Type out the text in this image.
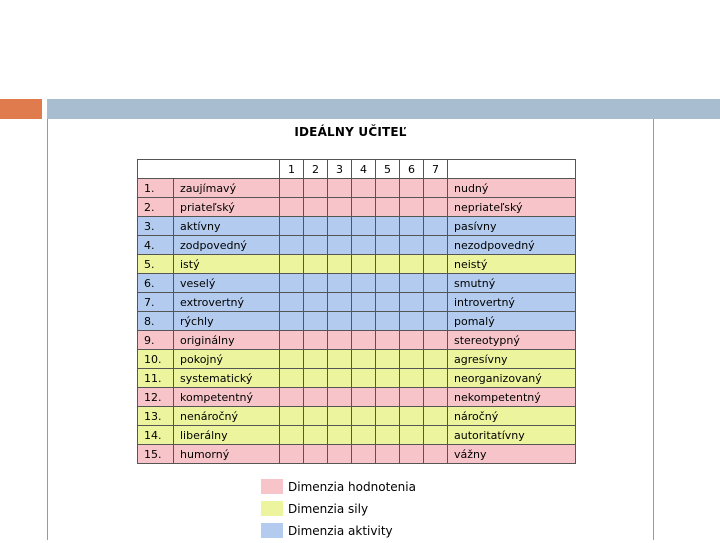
IDEÁLNY UČITEĽ
		1	2	3	4	5	6	7	
1.	zaujímavý								nudný
2.	priateľský								nepriateľský
3.	aktívny								pasívny
4.	zodpovedný								nezodpovedný
5.	istý								neistý
6.	veselý								smutný
7.	extrovertný								introvertný
8.	rýchly								pomalý
9.	originálny								stereotypný
10.	pokojný								agresívny
11.	systematický								neorganizovaný
12.	kompetentný								nekompetentný
13.	nenáročný								náročný
14.	liberálny								autoritatívny
15.	humorný								vážny
Dimenzia hodnotenia
Dimenzia sily
Dimenzia aktivity
